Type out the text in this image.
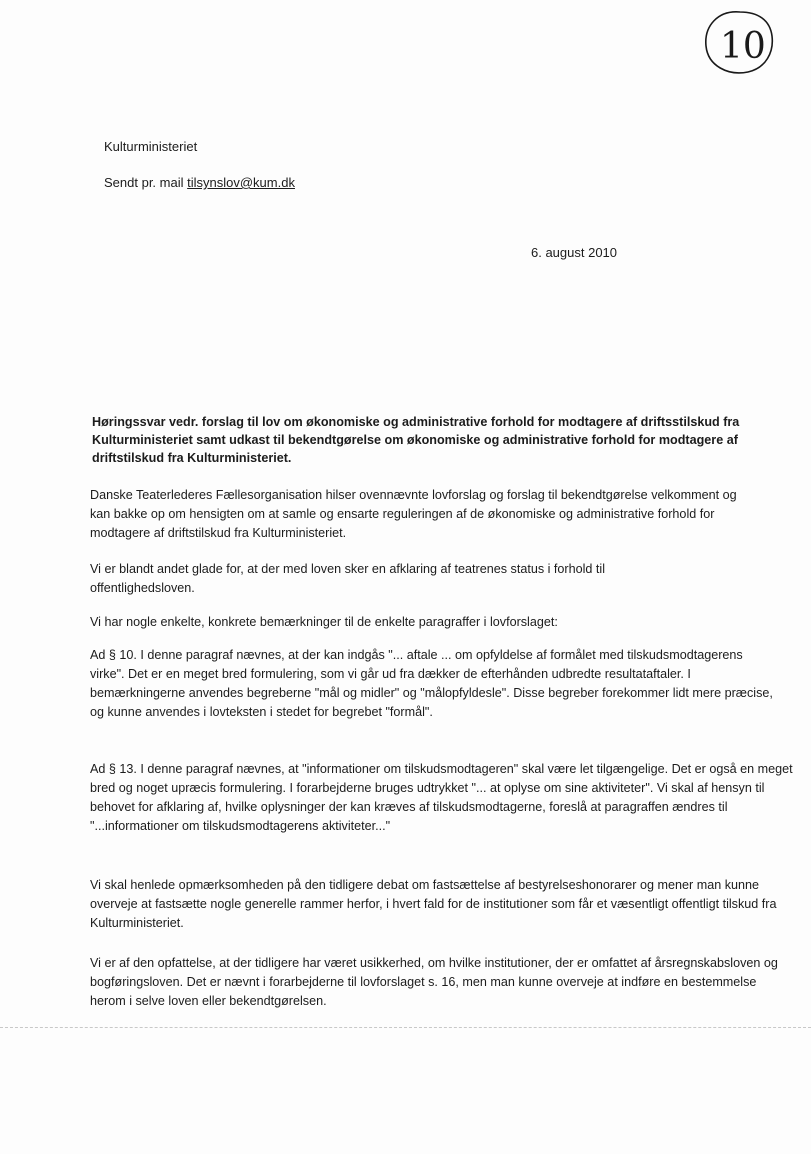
10
Kulturministeriet
Sendt pr. mail tilsynslov@kum.dk
6. august 2010
Høringssvar vedr. forslag til lov om økonomiske og administrative forhold for modtagere af driftsstilskud fra Kulturministeriet samt udkast til bekendtgørelse om økonomiske og administrative forhold for modtagere af driftstilskud fra Kulturministeriet.
Danske Teaterlederes Fællesorganisation hilser ovennævnte lovforslag og forslag til bekendtgørelse velkomment og kan bakke op om hensigten om at samle og ensarte reguleringen af de økonomiske og administrative forhold for modtagere af driftstilskud fra Kulturministeriet.
Vi er blandt andet glade for, at der med loven sker en afklaring af teatrenes status i forhold til offentlighedsloven.
Vi har nogle enkelte, konkrete bemærkninger til de enkelte paragraffer i lovforslaget:
Ad § 10. I denne paragraf nævnes, at der kan indgås "... aftale ... om opfyldelse af formålet med tilskudsmodtagerens virke". Det er en meget bred formulering, som vi går ud fra dækker de efterhånden udbredte resultataftaler. I bemærkningerne anvendes begreberne "mål og midler" og "målopfyldesle". Disse begreber forekommer lidt mere præcise, og kunne anvendes i lovteksten i stedet for begrebet "formål".
Ad § 13. I denne paragraf nævnes, at "informationer om tilskudsmodtageren" skal være let tilgængelige. Det er også en meget bred og noget upræcis formulering. I forarbejderne bruges udtrykket "... at oplyse om sine aktiviteter". Vi skal af hensyn til behovet for afklaring af, hvilke oplysninger der kan kræves af tilskudsmodtagerne, foreslå at paragraffen ændres til "...informationer om tilskudsmodtagerens aktiviteter..."
Vi skal henlede opmærksomheden på den tidligere debat om fastsættelse af bestyrelseshonorarer og mener man kunne overveje at fastsætte nogle generelle rammer herfor, i hvert fald for de institutioner som får et væsentligt offentligt tilskud fra Kulturministeriet.
Vi er af den opfattelse, at der tidligere har været usikkerhed, om hvilke institutioner, der er omfattet af årsregnskabsloven og bogføringsloven. Det er nævnt i forarbejderne til lovforslaget s. 16, men man kunne overveje at indføre en bestemmelse herom i selve loven eller bekendtgørelsen.
